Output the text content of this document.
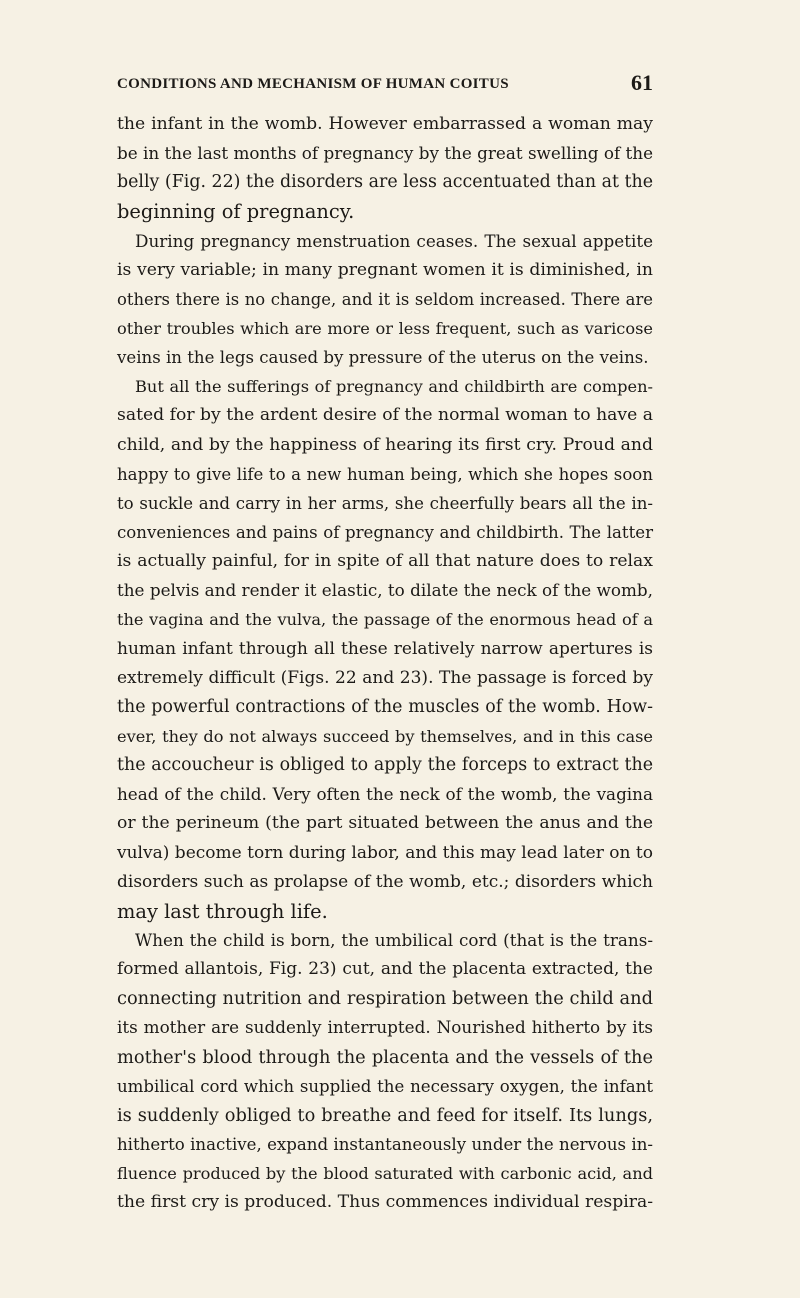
CONDITIONS AND MECHANISM OF HUMAN COITUS	61
the infant in the womb. However embarrassed a woman may
be in the last months of pregnancy by the great swelling of the
belly (Fig. 22) the disorders are less accentuated than at the
beginning of pregnancy.
During pregnancy menstruation ceases. The sexual appetite
is very variable; in many pregnant women it is diminished, in
others there is no change, and it is seldom increased. There are
other troubles which are more or less frequent, such as varicose
veins in the legs caused by pressure of the uterus on the veins.
But all the sufferings of pregnancy and childbirth are compen-
sated for by the ardent desire of the normal woman to have a
child, and by the happiness of hearing its first cry. Proud and
happy to give life to a new human being, which she hopes soon
to suckle and carry in her arms, she cheerfully bears all the in-
conveniences and pains of pregnancy and childbirth. The latter
is actually painful, for in spite of all that nature does to relax
the pelvis and render it elastic, to dilate the neck of the womb,
the vagina and the vulva, the passage of the enormous head of a
human infant through all these relatively narrow apertures is
extremely difficult (Figs. 22 and 23). The passage is forced by
the powerful contractions of the muscles of the womb. How-
ever, they do not always succeed by themselves, and in this case
the accoucheur is obliged to apply the forceps to extract the
head of the child. Very often the neck of the womb, the vagina
or the perineum (the part situated between the anus and the
vulva) become torn during labor, and this may lead later on to
disorders such as prolapse of the womb, etc.; disorders which
may last through life.
When the child is born, the umbilical cord (that is the trans-
formed allantois, Fig. 23) cut, and the placenta extracted, the
connecting nutrition and respiration between the child and
its mother are suddenly interrupted. Nourished hitherto by its
mother's blood through the placenta and the vessels of the
umbilical cord which supplied the necessary oxygen, the infant
is suddenly obliged to breathe and feed for itself. Its lungs,
hitherto inactive, expand instantaneously under the nervous in-
fluence produced by the blood saturated with carbonic acid, and
the first cry is produced. Thus commences individual respira-
